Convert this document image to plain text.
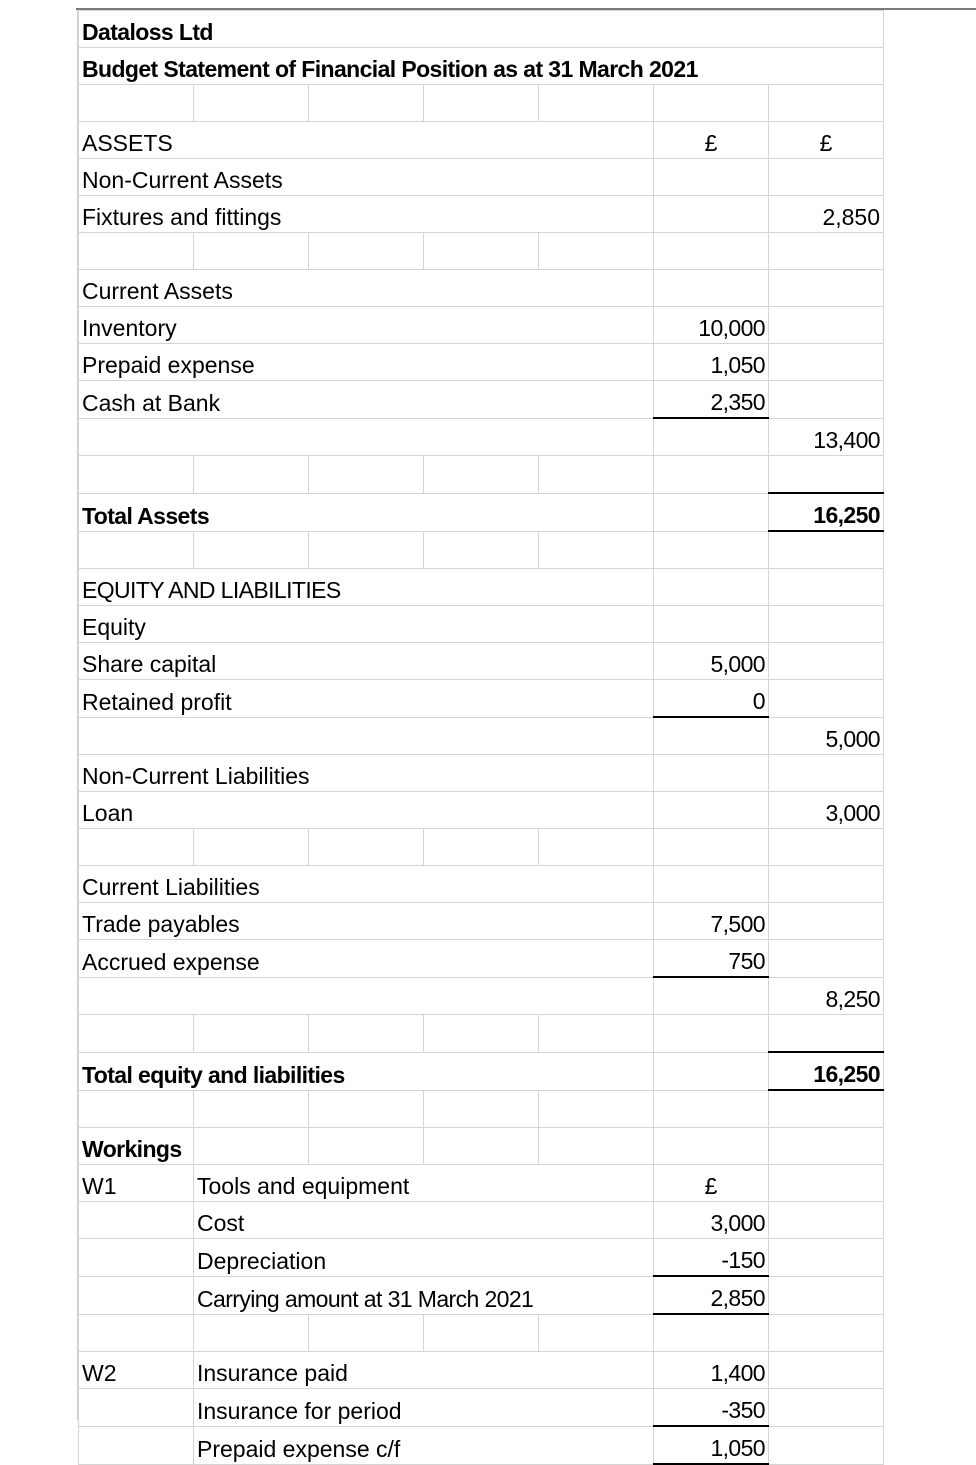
Dataloss Ltd						
Budget Statement of Financial Position as at 31 March 2021						

ASSETS					£	£
Non-Current Assets						
Fixtures and fittings						2,850

Current Assets						
Inventory					10,000	
Prepaid expense					1,050	
Cash at Bank					2,350	
						13,400

Total Assets						16,250

EQUITY AND LIABILITIES						
Equity						
Share capital					5,000	
Retained profit					0	
						5,000
Non-Current Liabilities						
Loan						3,000

Current Liabilities						
Trade payables					7,500	
Accrued expense					750	
						8,250

Total equity and liabilities						16,250

Workings						
W1	Tools and equipment				£	
	Cost				3,000	
	Depreciation				-150	
	Carrying amount at 31 March 2021				2,850	

W2	Insurance paid				1,400	
	Insurance for period				-350	
	Prepaid expense c/f				1,050	
